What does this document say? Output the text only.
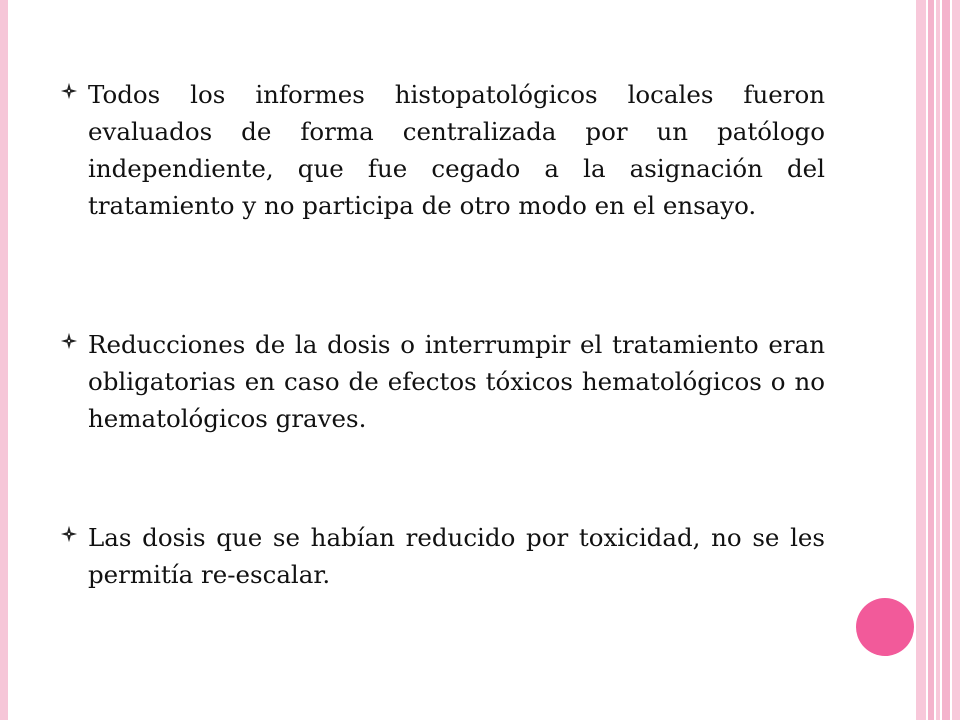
Todos los informes histopatológicos locales fueron evaluados de forma centralizada por un patólogo independiente, que fue cegado a la asignación del tratamiento y no participa de otro modo en el ensayo.
Reducciones de la dosis o interrumpir el tratamiento eran obligatorias en caso de efectos tóxicos hematológicos o no hematológicos graves.
Las dosis que se habían reducido por toxicidad, no se les permitía re-escalar.
